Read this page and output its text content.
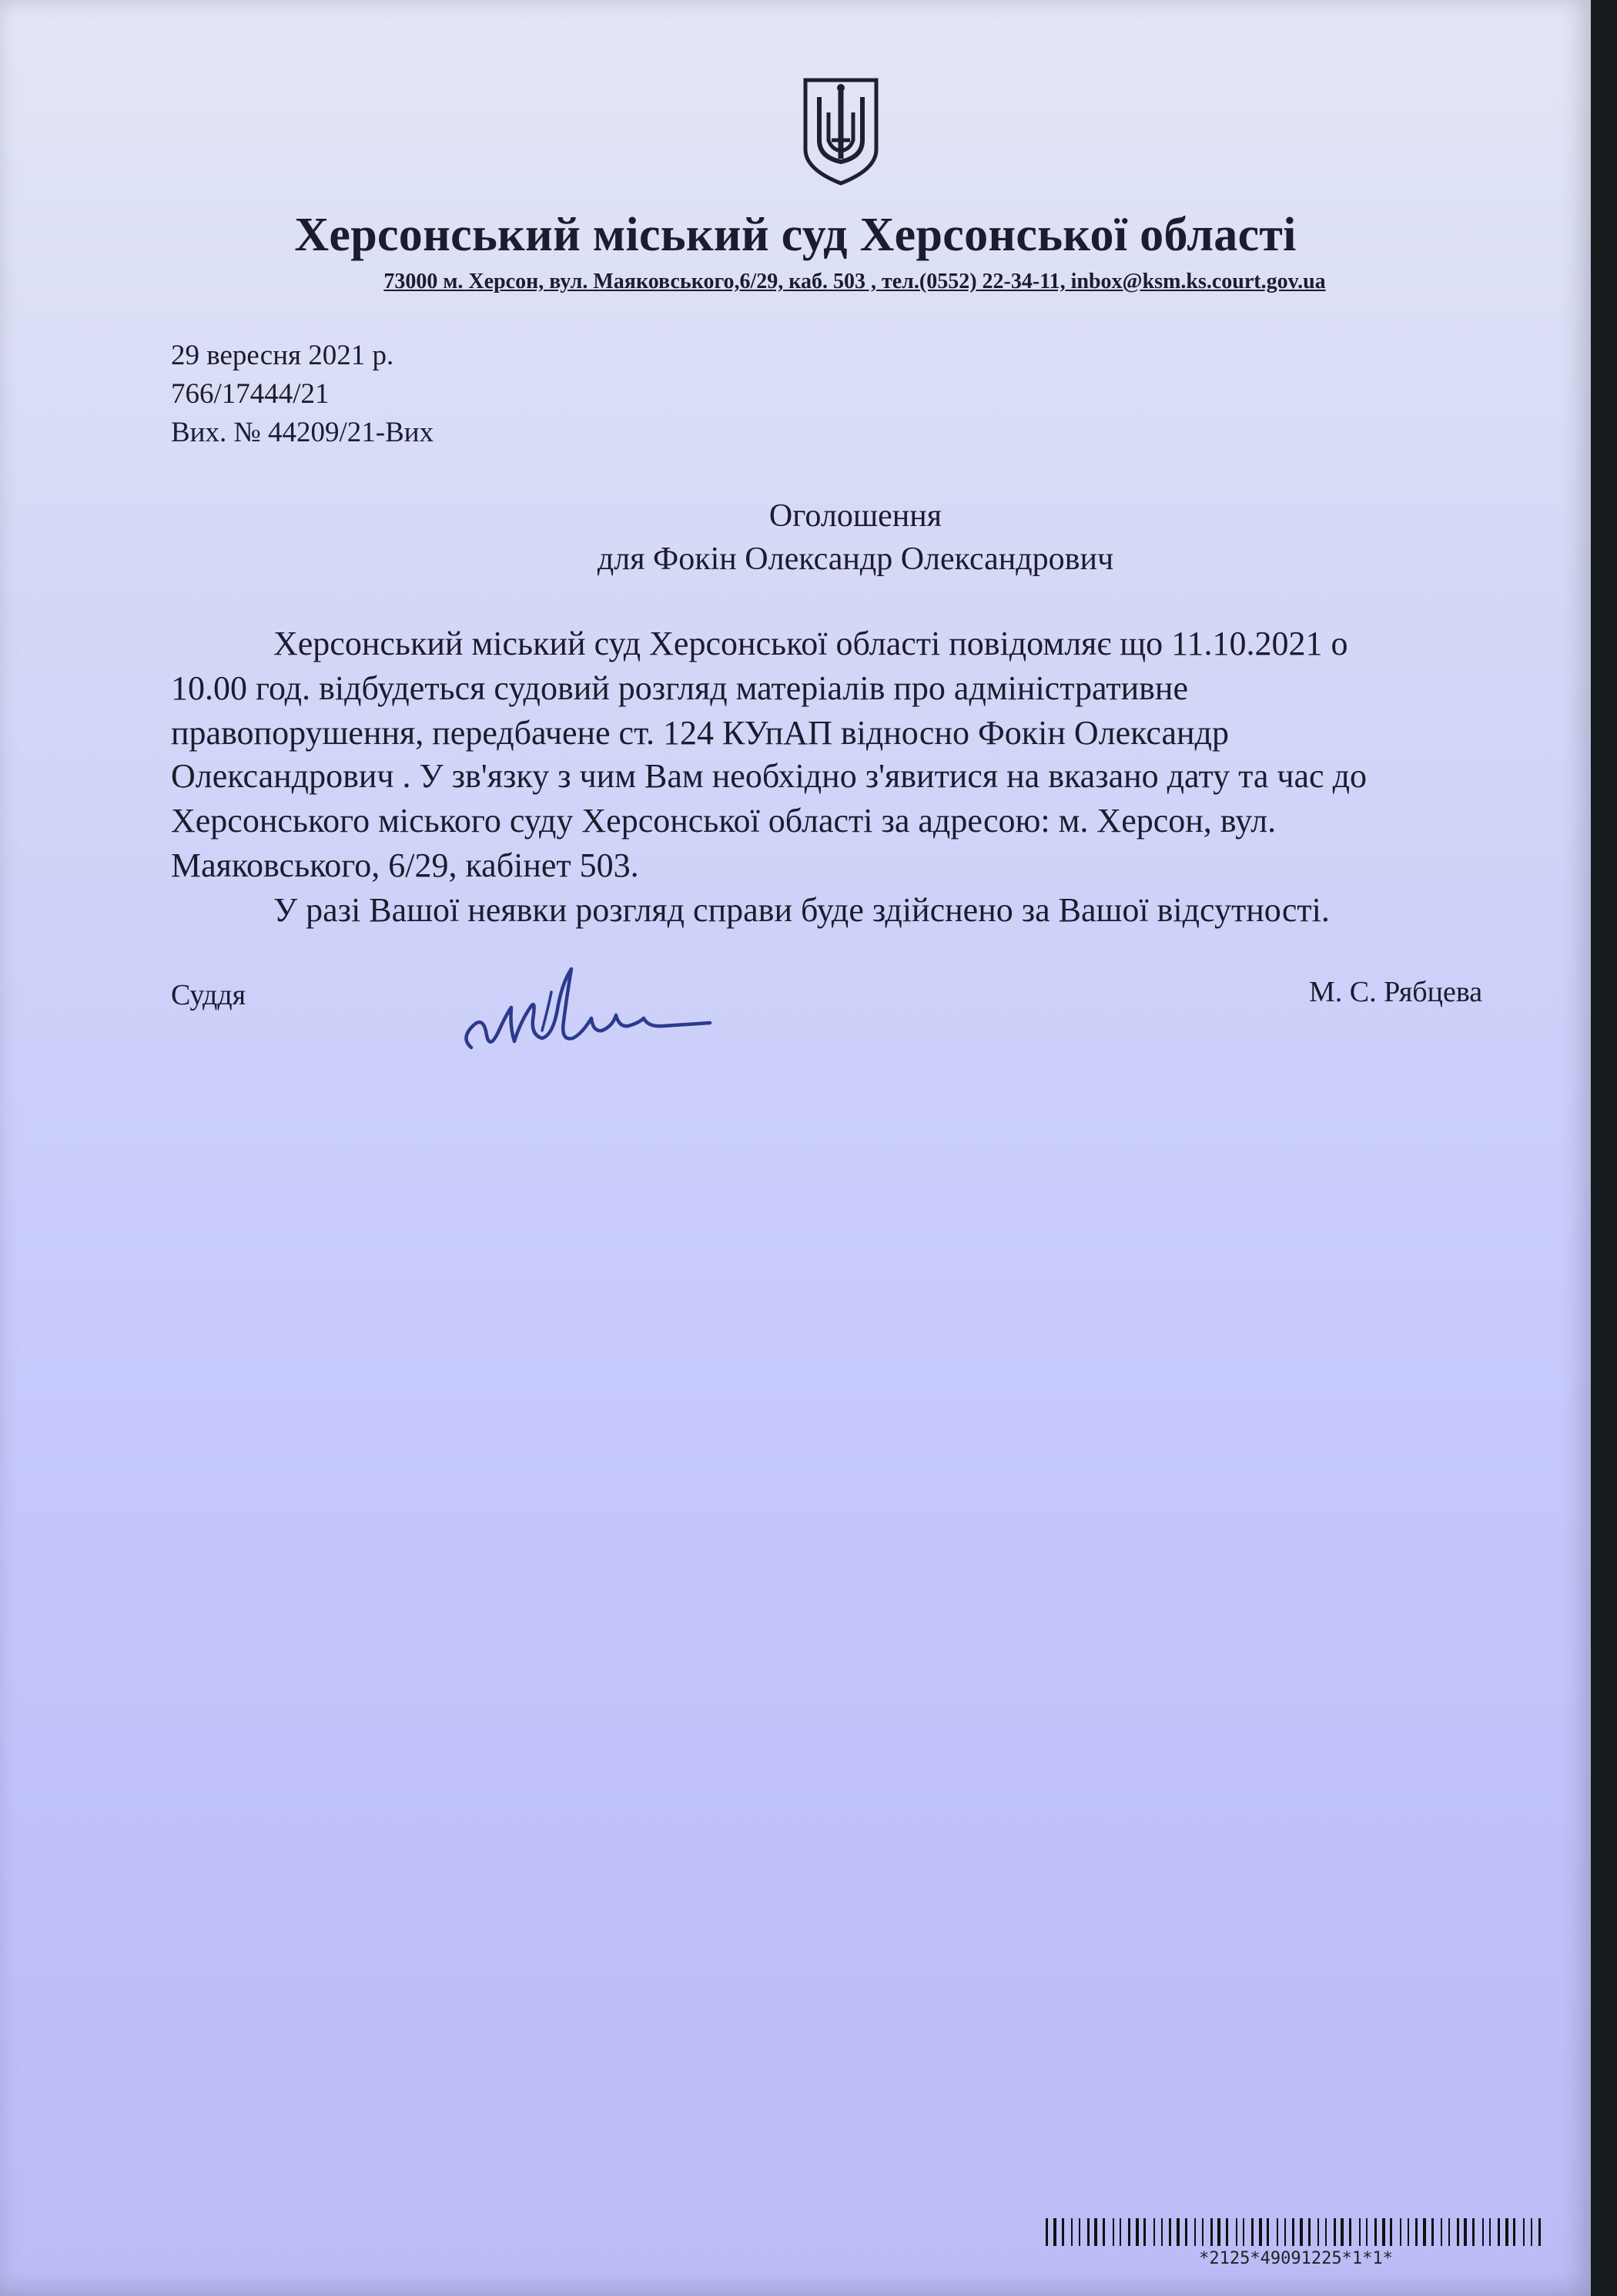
Херсонський міський суд Херсонської області
73000 м. Херсон, вул. Маяковського,6/29, каб. 503 , тел.(0552) 22-34-11, inbox@ksm.ks.court.gov.ua
29 вересня 2021 р.
766/17444/21
Вих. № 44209/21-Вих
Оголошення
для Фокін Олександр Олександрович
Херсонський міський суд Херсонської області повідомляє що 11.10.2021 о
10.00 год. відбудеться судовий розгляд матеріалів про адміністративне
правопорушення, передбачене ст. 124 КУпАП відносно Фокін Олександр
Олександрович . У зв'язку з чим Вам необхідно з'явитися на вказано дату та час до
Херсонського міського суду Херсонської області за адресою: м. Херсон, вул.
Маяковського, 6/29, кабінет 503.
У разі Вашої неявки розгляд справи буде здійснено за Вашої відсутності.
Суддя	М. С. Рябцева
*2125*49091225*1*1*
